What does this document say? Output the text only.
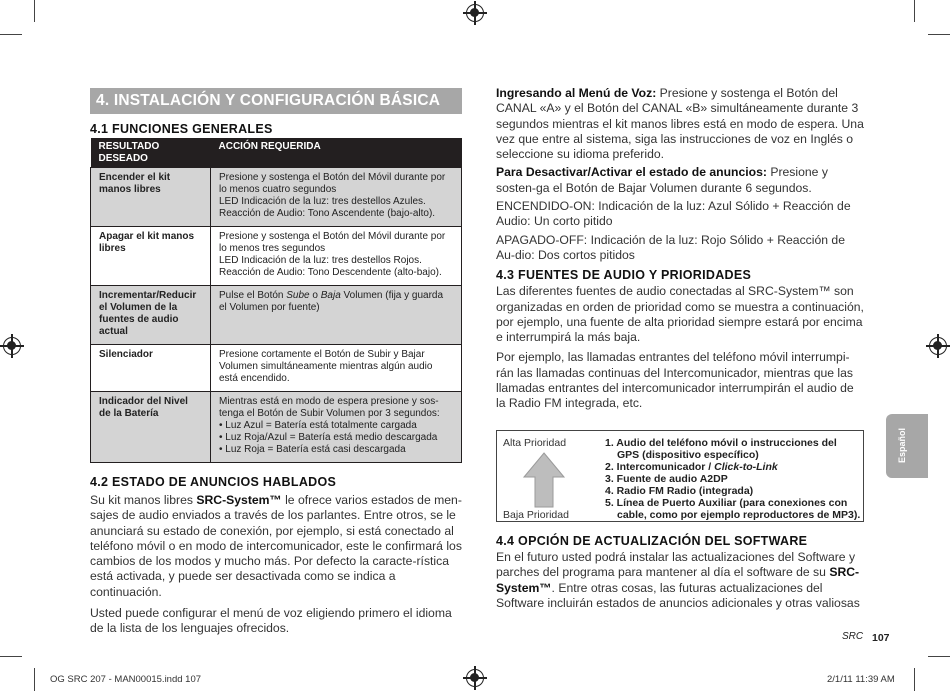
4. INSTALACIÓN Y CONFIGURACIÓN BÁSICA
4.1 FUNCIONES GENERALES
RESULTADO DESEADO	ACCIÓN REQUERIDA
Encender el kit manos libres	Presione y sostenga el Botón del Móvil durante por lo menos cuatro segundos
LED Indicación de la luz: tres destellos Azules.
Reacción de Audio: Tono Ascendente (bajo-alto).
Apagar el kit manos libres	Presione y sostenga el Botón del Móvil durante por lo menos tres segundos
LED Indicación de la luz: tres destellos Rojos.
Reacción de Audio: Tono Descendente (alto-bajo).
Incrementar/Reducir el Volumen de la fuentes de audio actual	Pulse el Botón Sube o Baja Volumen (fija y guarda el Volumen por fuente)
Silenciador	Presione cortamente el Botón de Subir y Bajar Volumen simultáneamente mientras algún audio está encendido.
Indicador del Nivel de la Batería	Mientras está en modo de espera presione y sos-tenga el Botón de Subir Volumen por 3 segundos:
• Luz Azul = Batería está totalmente cargada
• Luz Roja/Azul = Batería está medio descargada
• Luz Roja = Batería está casi descargada
4.2 ESTADO DE ANUNCIOS HABLADOS

Su kit manos libres SRC-System™ le ofrece varios estados de men-sajes de audio enviados a través de los parlantes. Entre otros, se le anunciará su estado de conexión, por ejemplo, si está conectado al teléfono móvil o en modo de intercomunicador, este le confirmará los cambios de los modos y mucho más. Por defecto la caracte-rística está activada, y puede ser desactivada como se indica a continuación.

Usted puede configurar el menú de voz eligiendo primero el idioma de la lista de los lenguajes ofrecidos.

Ingresando al Menú de Voz: Presione y sostenga el Botón del CANAL «A» y el Botón del CANAL «B» simultáneamente durante 3 segundos mientras el kit manos libres está en modo de espera. Una vez que entre al sistema, siga las instrucciones de voz en Inglés o seleccione su idioma preferido.

Para Desactivar/Activar el estado de anuncios: Presione y sosten-ga el Botón de Bajar Volumen durante 6 segundos.

ENCENDIDO-ON: Indicación de la luz: Azul Sólido + Reacción de Audio: Un corto pitido

APAGADO-OFF: Indicación de la luz: Rojo Sólido + Reacción de Au-dio: Dos cortos pitidos

4.3 FUENTES DE AUDIO Y PRIORIDADES

Las diferentes fuentes de audio conectadas al SRC-System™ son organizadas en orden de prioridad como se muestra a continuación, por ejemplo, una fuente de alta prioridad siempre estará por encima e interrumpirá la más baja.

Por ejemplo, las llamadas entrantes del teléfono móvil interrumpi-rán las llamadas continuas del Intercomunicador, mientras que las llamadas entrantes del intercomunicador interrumpirán el audio de la Radio FM integrada, etc.

Alta Prioridad
Baja Prioridad
1. Audio del teléfono móvil o instrucciones del GPS (dispositivo específico)
2. Intercomunicador / Click-to-Link
3. Fuente de audio A2DP
4. Radio FM Radio (integrada)
5. Línea de Puerto Auxiliar (para conexiones con cable, como por ejemplo reproductores de MP3).
4.4 OPCIÓN DE ACTUALIZACIÓN DEL SOFTWARE

En el futuro usted podrá instalar las actualizaciones del Software y parches del programa para mantener al día el software de su SRC-System™. Entre otras cosas, las futuras actualizaciones del Software incluirán estados de anuncios adicionales y otras valiosas

Español
SRC 107
OG SRC 207 - MAN00015.indd 107	2/1/11 11:39 AM
